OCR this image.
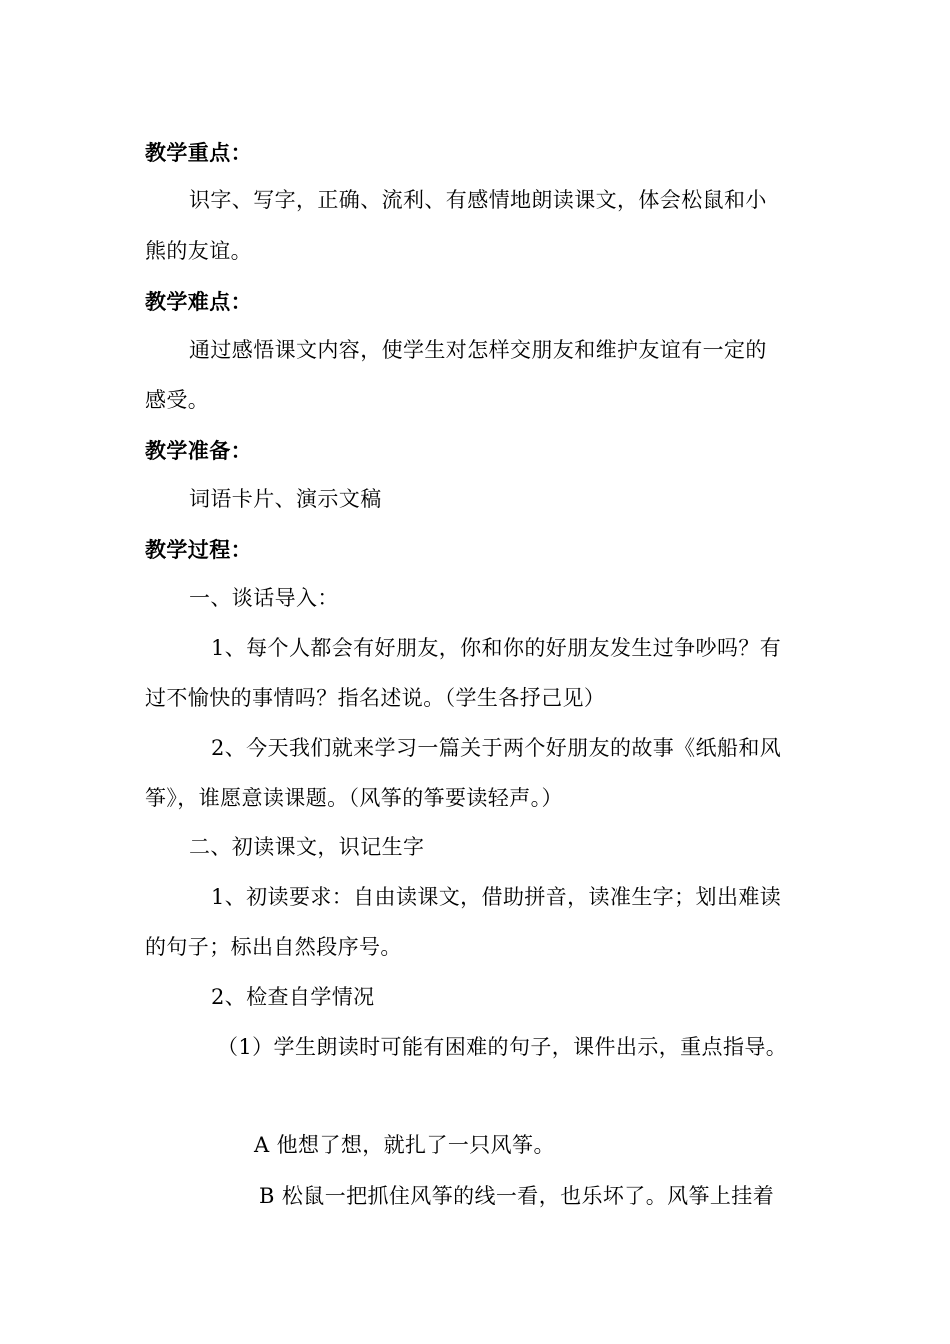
教学重点：
识字、写字，正确、流利、有感情地朗读课文，体会松鼠和小
熊的友谊。
教学难点：
通过感悟课文内容，使学生对怎样交朋友和维护友谊有一定的
感受。
教学准备：
词语卡片、演示文稿
教学过程：
一、谈话导入：
1、每个人都会有好朋友，你和你的好朋友发生过争吵吗？有
过不愉快的事情吗？指名述说。（学生各抒己见）
2、今天我们就来学习一篇关于两个好朋友的故事《纸船和风
筝》，谁愿意读课题。（风筝的筝要读轻声。）
二、初读课文，识记生字
1、初读要求：自由读课文，借助拼音，读准生字；划出难读
的句子；标出自然段序号。
2、检查自学情况
（1）学生朗读时可能有困难的句子，课件出示，重点指导。
A 他想了想，就扎了一只风筝。
B 松鼠一把抓住风筝的线一看，也乐坏了。风筝上挂着
